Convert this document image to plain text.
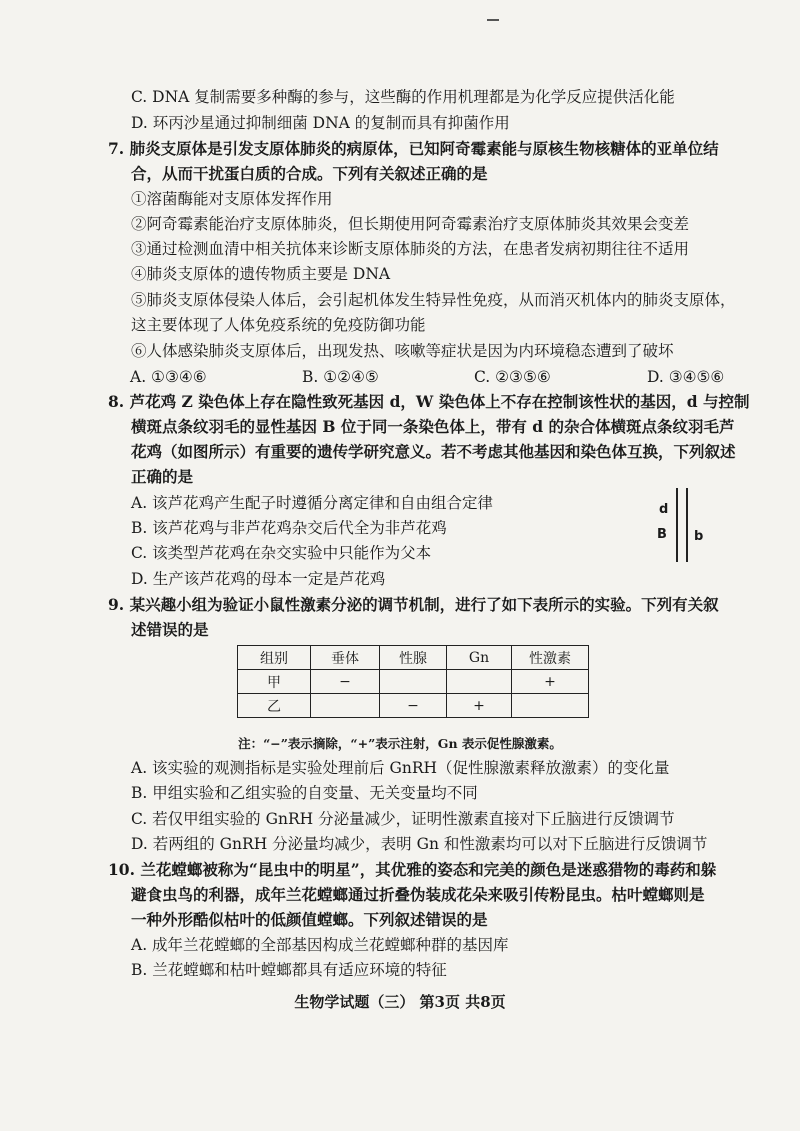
C. DNA 复制需要多种酶的参与，这些酶的作用机理都是为化学反应提供活化能
D. 环丙沙星通过抑制细菌 DNA 的复制而具有抑菌作用
7. 肺炎支原体是引发支原体肺炎的病原体，已知阿奇霉素能与原核生物核糖体的亚单位结
合，从而干扰蛋白质的合成。下列有关叙述正确的是
①溶菌酶能对支原体发挥作用
②阿奇霉素能治疗支原体肺炎，但长期使用阿奇霉素治疗支原体肺炎其效果会变差
③通过检测血清中相关抗体来诊断支原体肺炎的方法，在患者发病初期往往不适用
④肺炎支原体的遗传物质主要是 DNA
⑤肺炎支原体侵染人体后，会引起机体发生特异性免疫，从而消灭机体内的肺炎支原体，
这主要体现了人体免疫系统的免疫防御功能
⑥人体感染肺炎支原体后，出现发热、咳嗽等症状是因为内环境稳态遭到了破坏
A. ①③④⑥	B. ①②④⑤	C. ②③⑤⑥	D. ③④⑤⑥
8. 芦花鸡 Z 染色体上存在隐性致死基因 d，W 染色体上不存在控制该性状的基因，d 与控制
横斑点条纹羽毛的显性基因 B 位于同一条染色体上，带有 d 的杂合体横斑点条纹羽毛芦
花鸡（如图所示）有重要的遗传学研究意义。若不考虑其他基因和染色体互换，下列叙述
正确的是
A. 该芦花鸡产生配子时遵循分离定律和自由组合定律
B. 该芦花鸡与非芦花鸡杂交后代全为非芦花鸡
C. 该类型芦花鸡在杂交实验中只能作为父本
D. 生产该芦花鸡的母本一定是芦花鸡
d
B b
9. 某兴趣小组为验证小鼠性激素分泌的调节机制，进行了如下表所示的实验。下列有关叙
述错误的是
组别	垂体	性腺	Gn	性激素
甲	−			+
乙		−	+	
注：“−”表示摘除，“+”表示注射，Gn 表示促性腺激素。
A. 该实验的观测指标是实验处理前后 GnRH（促性腺激素释放激素）的变化量
B. 甲组实验和乙组实验的自变量、无关变量均不同
C. 若仅甲组实验的 GnRH 分泌量减少，证明性激素直接对下丘脑进行反馈调节
D. 若两组的 GnRH 分泌量均减少，表明 Gn 和性激素均可以对下丘脑进行反馈调节
10. 兰花螳螂被称为“昆虫中的明星”，其优雅的姿态和完美的颜色是迷惑猎物的毒药和躲
避食虫鸟的利器，成年兰花螳螂通过折叠伪装成花朵来吸引传粉昆虫。枯叶螳螂则是
一种外形酷似枯叶的低颜值螳螂。下列叙述错误的是
A. 成年兰花螳螂的全部基因构成兰花螳螂种群的基因库
B. 兰花螳螂和枯叶螳螂都具有适应环境的特征
生物学试题（三） 第3页 共8页
